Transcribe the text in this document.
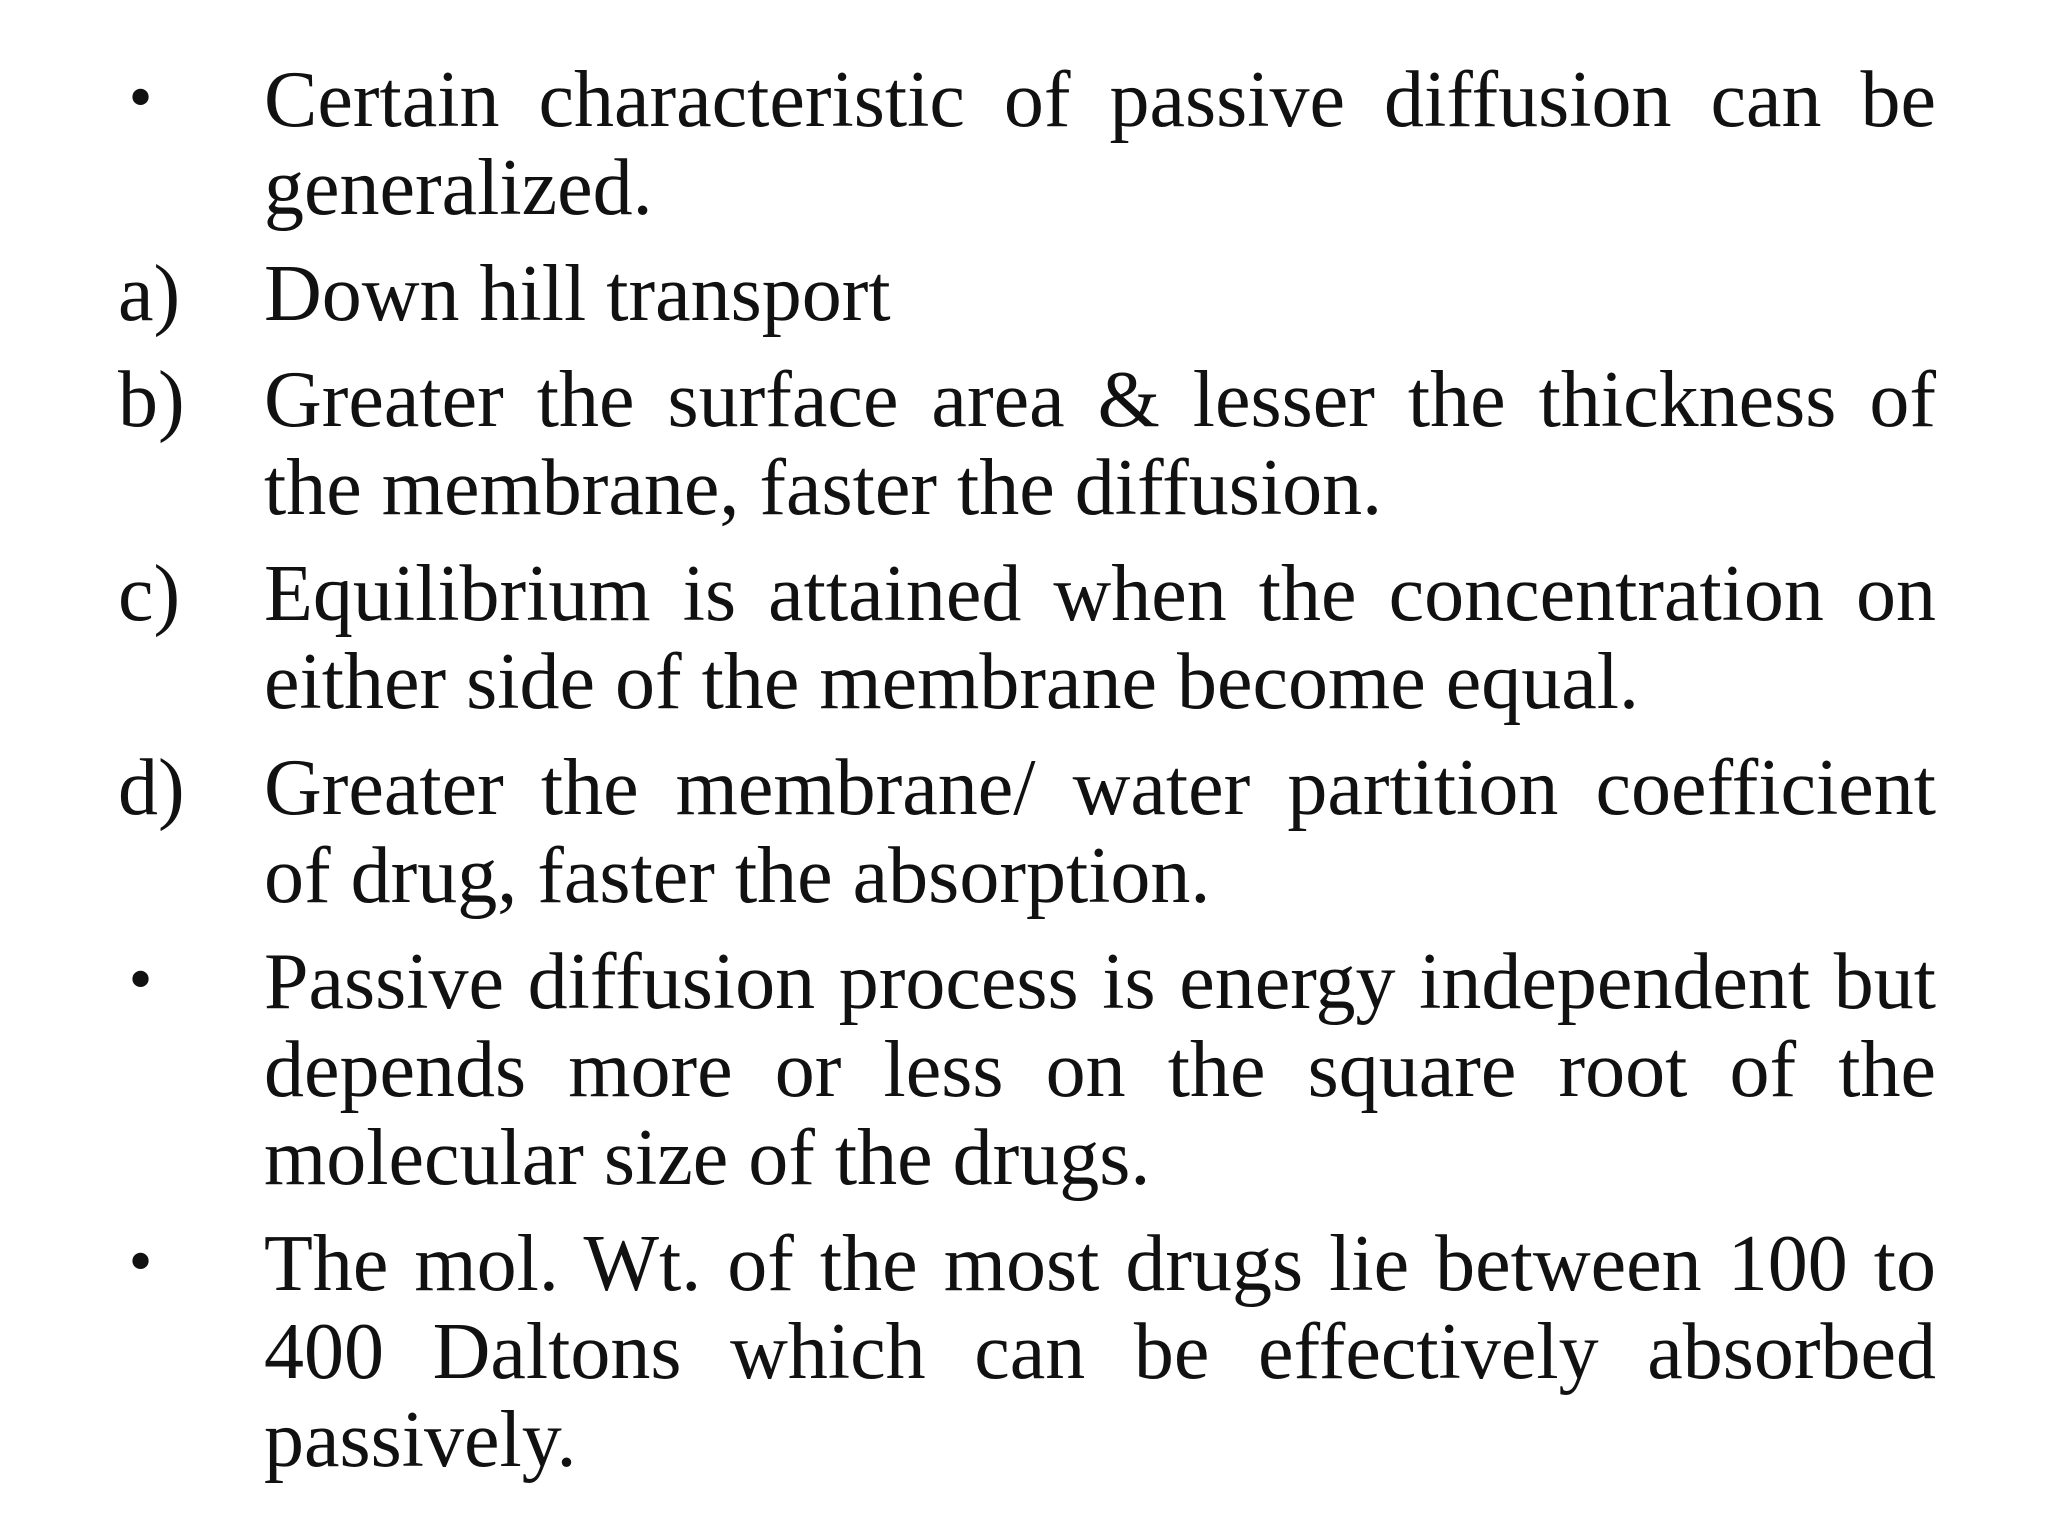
•	Certain characteristic of passive diffusion can be generalized.
a)	Down hill transport
b) Greater the surface area & lesser the thickness of the membrane, faster the diffusion.
c)	Equilibrium is attained when the concentration on either side of the membrane become equal.
d) Greater the membrane/ water partition coefficient of drug, faster the absorption.
•	Passive diffusion process is energy independent but depends more or less on the square root of the molecular size of the drugs.
•	The mol. Wt. of the most drugs lie between 100 to 400 Daltons which can be effectively absorbed passively.
